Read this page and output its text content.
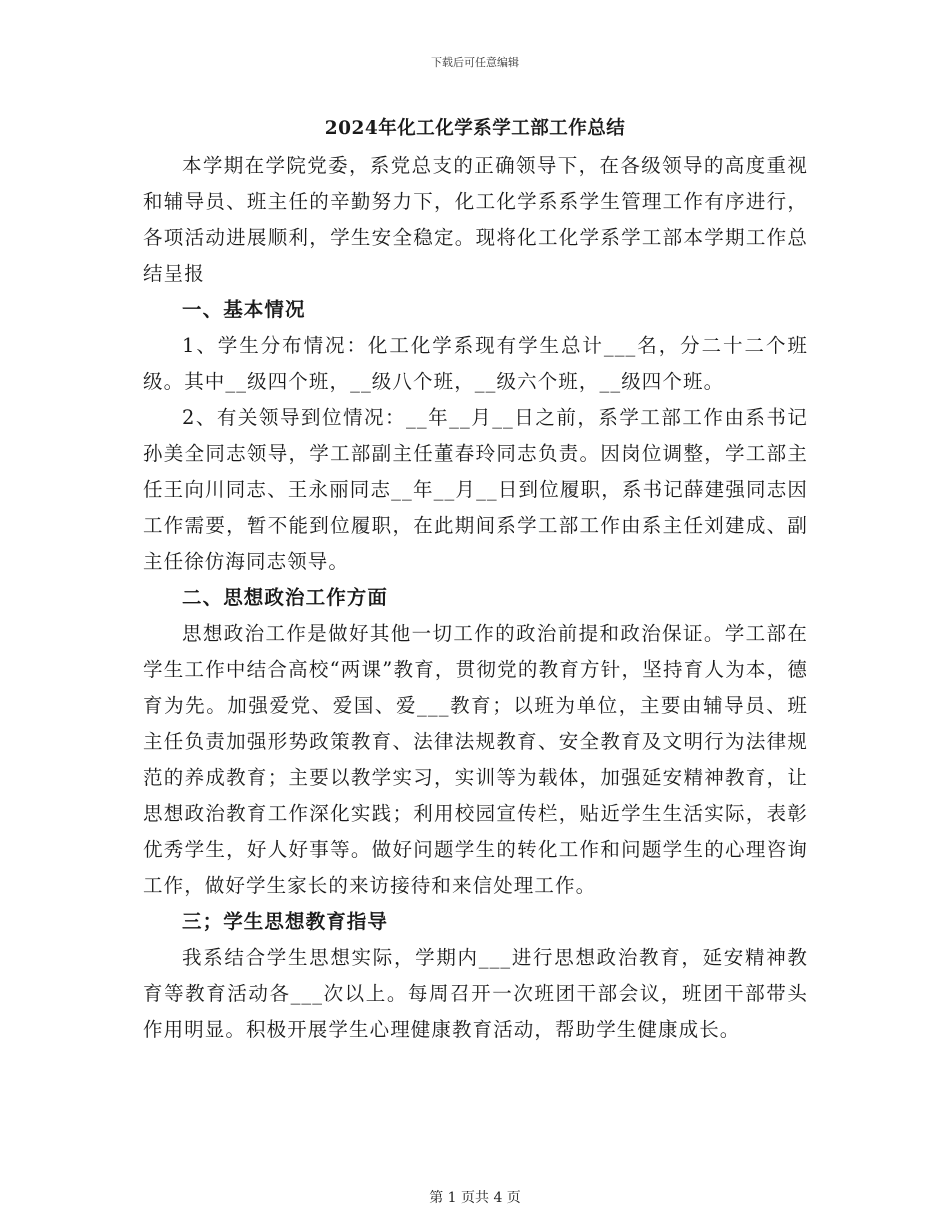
下载后可任意编辑
2024年化工化学系学工部工作总结

本学期在学院党委，系党总支的正确领导下，在各级领导的高度重视和辅导员、班主任的辛勤努力下，化工化学系系学生管理工作有序进行，各项活动进展顺利，学生安全稳定。现将化工化学系学工部本学期工作总结呈报

一、基本情况

1、学生分布情况：化工化学系现有学生总计___名，分二十二个班级。其中__级四个班，__级八个班，__级六个班，__级四个班。

2、有关领导到位情况：__年__月__日之前，系学工部工作由系书记孙美全同志领导，学工部副主任董春玲同志负责。因岗位调整，学工部主任王向川同志、王永丽同志__年__月__日到位履职，系书记薛建强同志因工作需要，暂不能到位履职，在此期间系学工部工作由系主任刘建成、副主任徐仿海同志领导。

二、思想政治工作方面

思想政治工作是做好其他一切工作的政治前提和政治保证。学工部在学生工作中结合高校“两课”教育，贯彻党的教育方针，坚持育人为本，德育为先。加强爱党、爱国、爱___教育；以班为单位，主要由辅导员、班主任负责加强形势政策教育、法律法规教育、安全教育及文明行为法律规范的养成教育；主要以教学实习，实训等为载体，加强延安精神教育，让思想政治教育工作深化实践；利用校园宣传栏，贴近学生生活实际，表彰优秀学生，好人好事等。做好问题学生的转化工作和问题学生的心理咨询工作，做好学生家长的来访接待和来信处理工作。

三；学生思想教育指导

我系结合学生思想实际，学期内___进行思想政治教育，延安精神教育等教育活动各___次以上。每周召开一次班团干部会议，班团干部带头作用明显。积极开展学生心理健康教育活动，帮助学生健康成长。

第 1 页共 4 页
